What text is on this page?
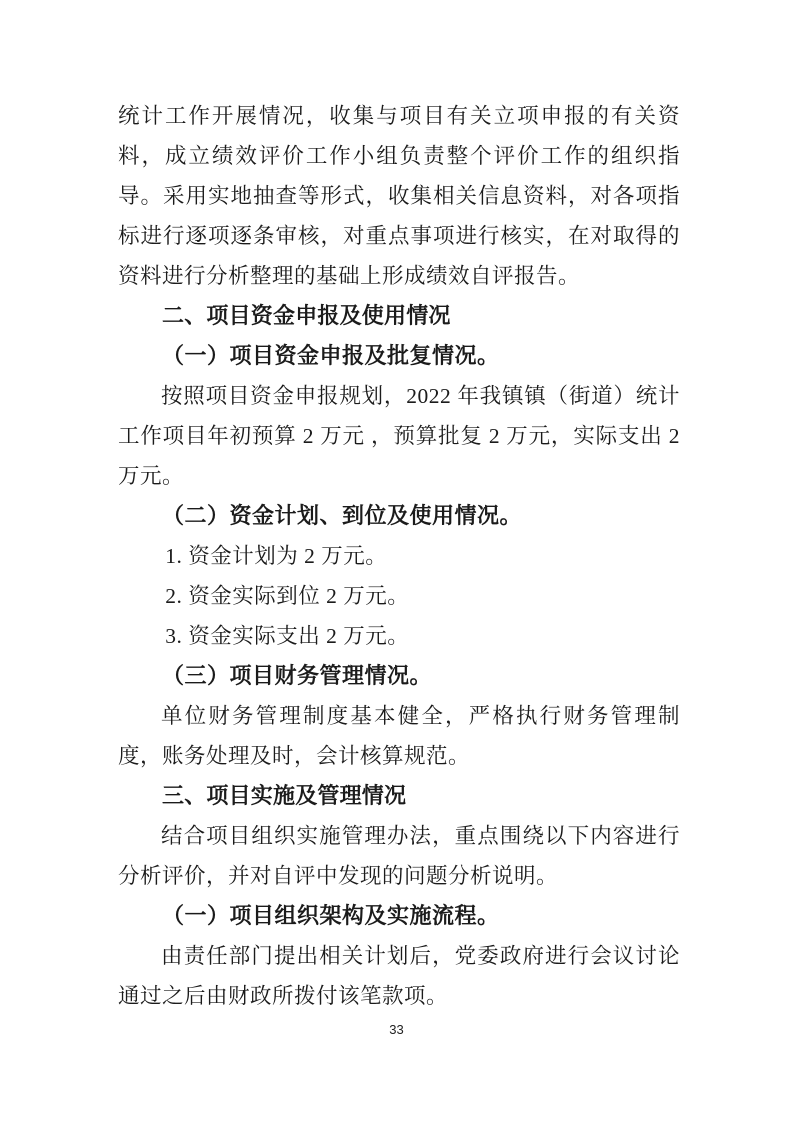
统计工作开展情况，收集与项目有关立项申报的有关资料，成立绩效评价工作小组负责整个评价工作的组织指导。采用实地抽查等形式，收集相关信息资料，对各项指标进行逐项逐条审核，对重点事项进行核实，在对取得的资料进行分析整理的基础上形成绩效自评报告。

二、项目资金申报及使用情况

（一）项目资金申报及批复情况。

按照项目资金申报规划，2022 年我镇镇（街道）统计工作项目年初预算 2 万元 ，预算批复 2 万元，实际支出 2 万元。

（二）资金计划、到位及使用情况。

1. 资金计划为 2 万元。

2. 资金实际到位 2 万元。

3. 资金实际支出 2 万元。

（三）项目财务管理情况。

单位财务管理制度基本健全，严格执行财务管理制度，账务处理及时，会计核算规范。

三、项目实施及管理情况

结合项目组织实施管理办法，重点围绕以下内容进行分析评价，并对自评中发现的问题分析说明。

（一）项目组织架构及实施流程。

由责任部门提出相关计划后，党委政府进行会议讨论通过之后由财政所拨付该笔款项。

33
